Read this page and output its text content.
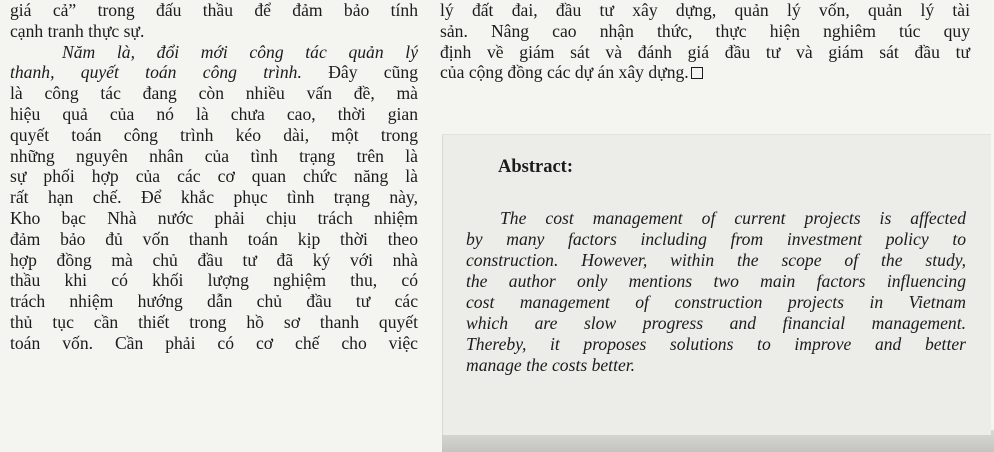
giá cả” trong đấu thầu để đảm bảo tính
cạnh tranh thực sự.
Năm là, đổi mới công tác quản lý
thanh, quyết toán công trình. Đây cũng
là công tác đang còn nhiều vấn đề, mà
hiệu quả của nó là chưa cao, thời gian
quyết toán công trình kéo dài, một trong
những nguyên nhân của tình trạng trên là
sự phối hợp của các cơ quan chức năng là
rất hạn chế. Để khắc phục tình trạng này,
Kho bạc Nhà nước phải chịu trách nhiệm
đảm bảo đủ vốn thanh toán kịp thời theo
hợp đồng mà chủ đầu tư đã ký với nhà
thầu khi có khối lượng nghiệm thu, có
trách nhiệm hướng dẫn chủ đầu tư các
thủ tục cần thiết trong hồ sơ thanh quyết
toán vốn. Cần phải có cơ chế cho việc
lý đất đai, đầu tư xây dựng, quản lý vốn, quản lý tài
sản. Nâng cao nhận thức, thực hiện nghiêm túc quy
định về giám sát và đánh giá đầu tư và giám sát đầu tư
của cộng đồng các dự án xây dựng.
Abstract:
The cost management of current projects is affected
by many factors including from investment policy to
construction. However, within the scope of the study,
the author only mentions two main factors influencing
cost management of construction projects in Vietnam
which are slow progress and financial management.
Thereby, it proposes solutions to improve and better
manage the costs better.
